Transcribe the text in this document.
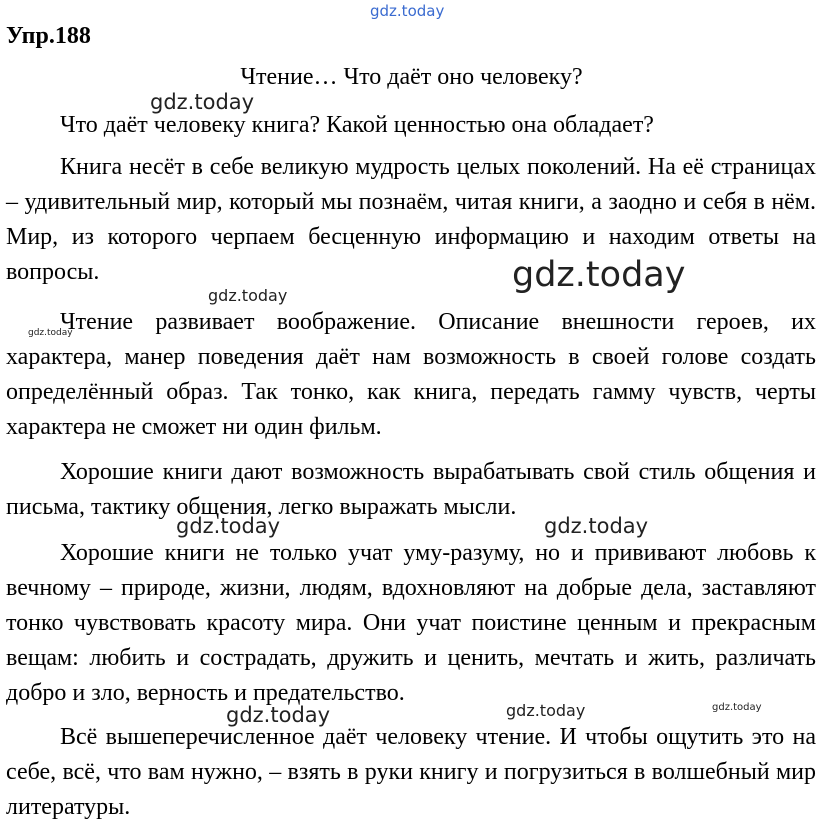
Упр.188
Чтение… Что даёт оно человеку?

Что даёт человеку книга? Какой ценностью она обладает?

Книга несёт в себе великую мудрость целых поколений. На её страницах – удивительный мир, который мы познаём, читая книги, а заодно и себя в нём. Мир, из которого черпаем бесценную информацию и находим ответы на вопросы.

Чтение развивает воображение. Описание внешности героев, их характера, манер поведения даёт нам возможность в своей голове создать определённый образ. Так тонко, как книга, передать гамму чувств, черты характера не сможет ни один фильм.

Хорошие книги дают возможность вырабатывать свой стиль общения и письма, тактику общения, легко выражать мысли.

Хорошие книги не только учат уму-разуму, но и прививают любовь к вечному – природе, жизни, людям, вдохновляют на добрые дела, заставляют тонко чувствовать красоту мира. Они учат поистине ценным и прекрасным вещам: любить и сострадать, дружить и ценить, мечтать и жить, различать добро и зло, верность и предательство.

Всё вышеперечисленное даёт человеку чтение. И чтобы ощутить это на себе, всё, что вам нужно, – взять в руки книгу и погрузиться в волшебный мир литературы.

gdz.today
gdz.today
gdz.today
gdz.today
gdz.today
gdz.today	gdz.today
gdz.today	gdz.today	gdz.today
